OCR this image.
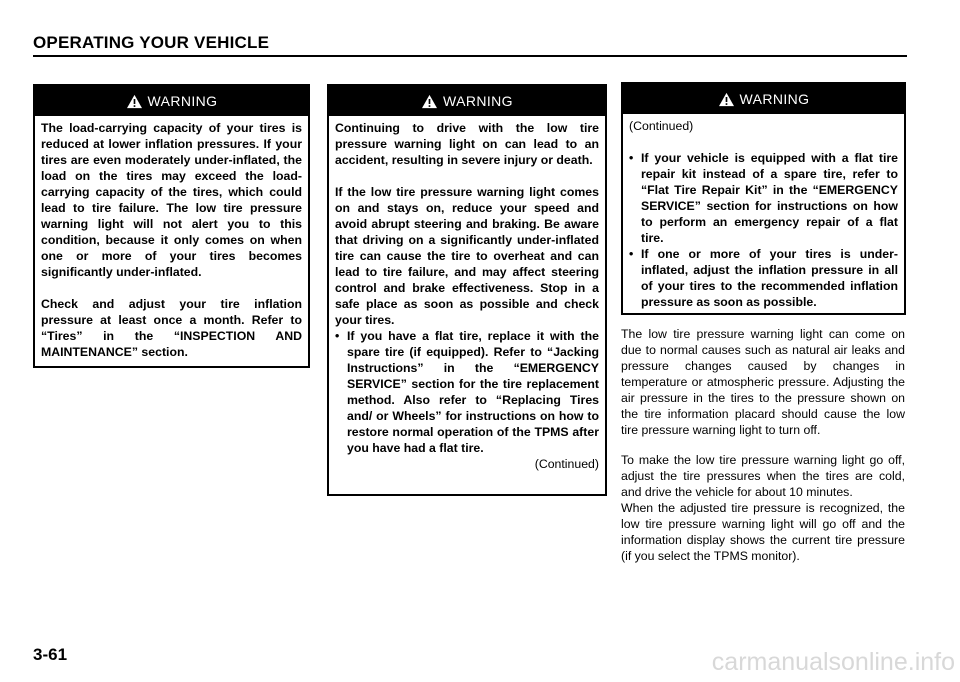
OPERATING YOUR VEHICLE
WARNING

The load-carrying capacity of your tires is reduced at lower inflation pressures. If your tires are even moderately under-inflated, the load on the tires may exceed the load-carrying capacity of the tires, which could lead to tire failure. The low tire pressure warning light will not alert you to this condition, because it only comes on when one or more of your tires becomes significantly under-inflated.

Check and adjust your tire inflation pressure at least once a month. Refer to “Tires” in the “INSPECTION AND MAINTENANCE” section.

WARNING

Continuing to drive with the low tire pressure warning light on can lead to an accident, resulting in severe injury or death.

If the low tire pressure warning light comes on and stays on, reduce your speed and avoid abrupt steering and braking. Be aware that driving on a significantly under-inflated tire can cause the tire to overheat and can lead to tire failure, and may affect steering control and brake effectiveness. Stop in a safe place as soon as possible and check your tires.

• If you have a flat tire, replace it with the spare tire (if equipped). Refer to “Jacking Instructions” in the “EMERGENCY SERVICE” section for the tire replacement method. Also refer to “Replacing Tires and/ or Wheels” for instructions on how to restore normal operation of the TPMS after you have had a flat tire.
(Continued)
WARNING

(Continued)

• If your vehicle is equipped with a flat tire repair kit instead of a spare tire, refer to “Flat Tire Repair Kit” in the “EMERGENCY SERVICE” section for instructions on how to perform an emergency repair of a flat tire.
• If one or more of your tires is under-inflated, adjust the inflation pressure in all of your tires to the recommended inflation pressure as soon as possible.

The low tire pressure warning light can come on due to normal causes such as natural air leaks and pressure changes caused by changes in temperature or atmospheric pressure. Adjusting the air pressure in the tires to the pressure shown on the tire information placard should cause the low tire pressure warning light to turn off.

To make the low tire pressure warning light go off, adjust the tire pressures when the tires are cold, and drive the vehicle for about 10 minutes.

When the adjusted tire pressure is recognized, the low tire pressure warning light will go off and the information display shows the current tire pressure (if you select the TPMS monitor).

3-61	carmanualsonline.info
